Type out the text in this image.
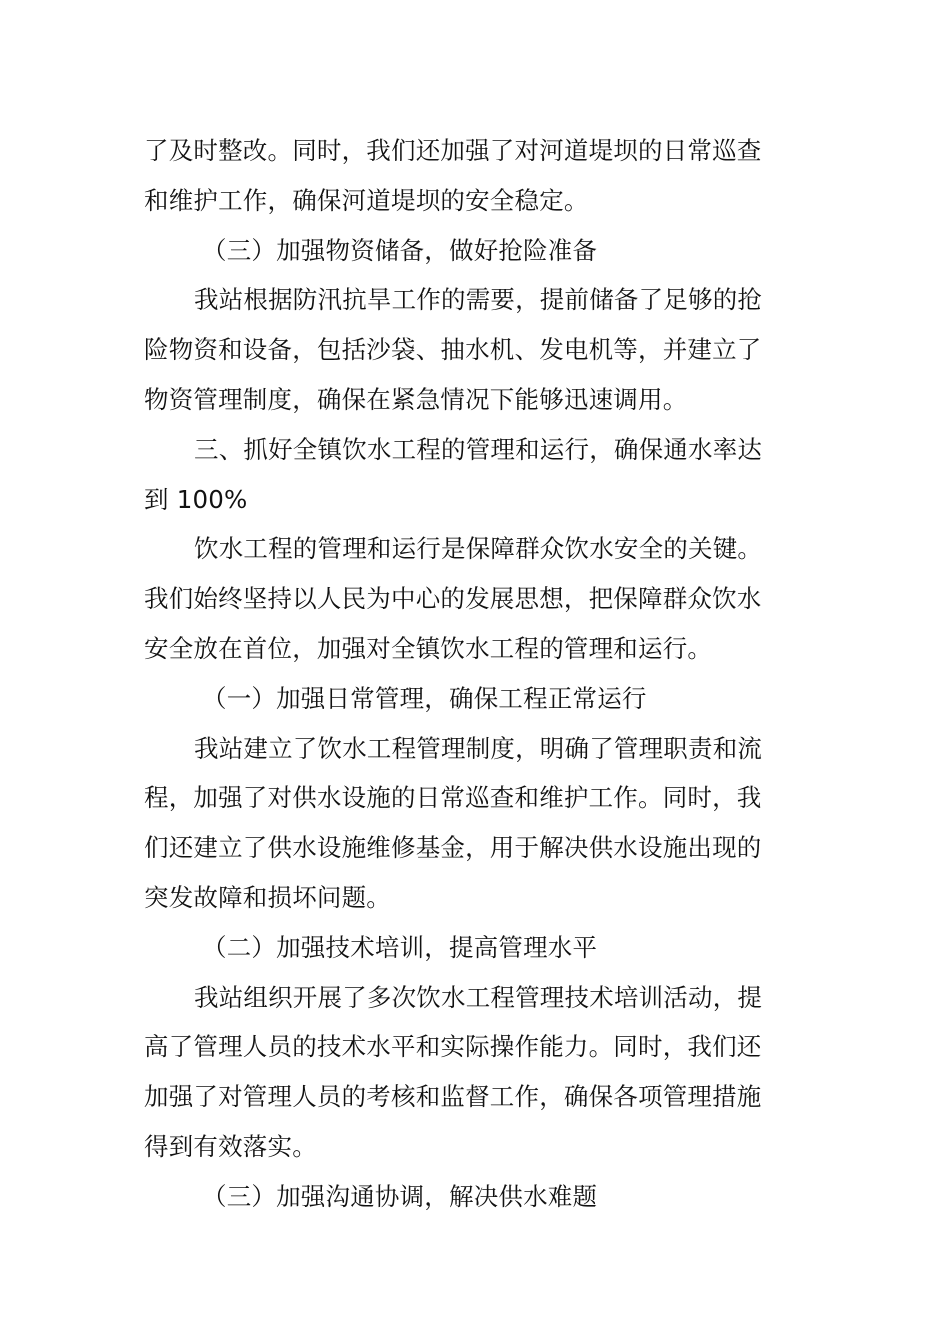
了及时整改。同时，我们还加强了对河道堤坝的日常巡查
和维护工作，确保河道堤坝的安全稳定。
（三）加强物资储备，做好抢险准备
我站根据防汛抗旱工作的需要，提前储备了足够的抢
险物资和设备，包括沙袋、抽水机、发电机等，并建立了
物资管理制度，确保在紧急情况下能够迅速调用。
三、抓好全镇饮水工程的管理和运行，确保通水率达
到 100%
饮水工程的管理和运行是保障群众饮水安全的关键。
我们始终坚持以人民为中心的发展思想，把保障群众饮水
安全放在首位，加强对全镇饮水工程的管理和运行。
（一）加强日常管理，确保工程正常运行
我站建立了饮水工程管理制度，明确了管理职责和流
程，加强了对供水设施的日常巡查和维护工作。同时，我
们还建立了供水设施维修基金，用于解决供水设施出现的
突发故障和损坏问题。
（二）加强技术培训，提高管理水平
我站组织开展了多次饮水工程管理技术培训活动，提
高了管理人员的技术水平和实际操作能力。同时，我们还
加强了对管理人员的考核和监督工作，确保各项管理措施
得到有效落实。
（三）加强沟通协调，解决供水难题
